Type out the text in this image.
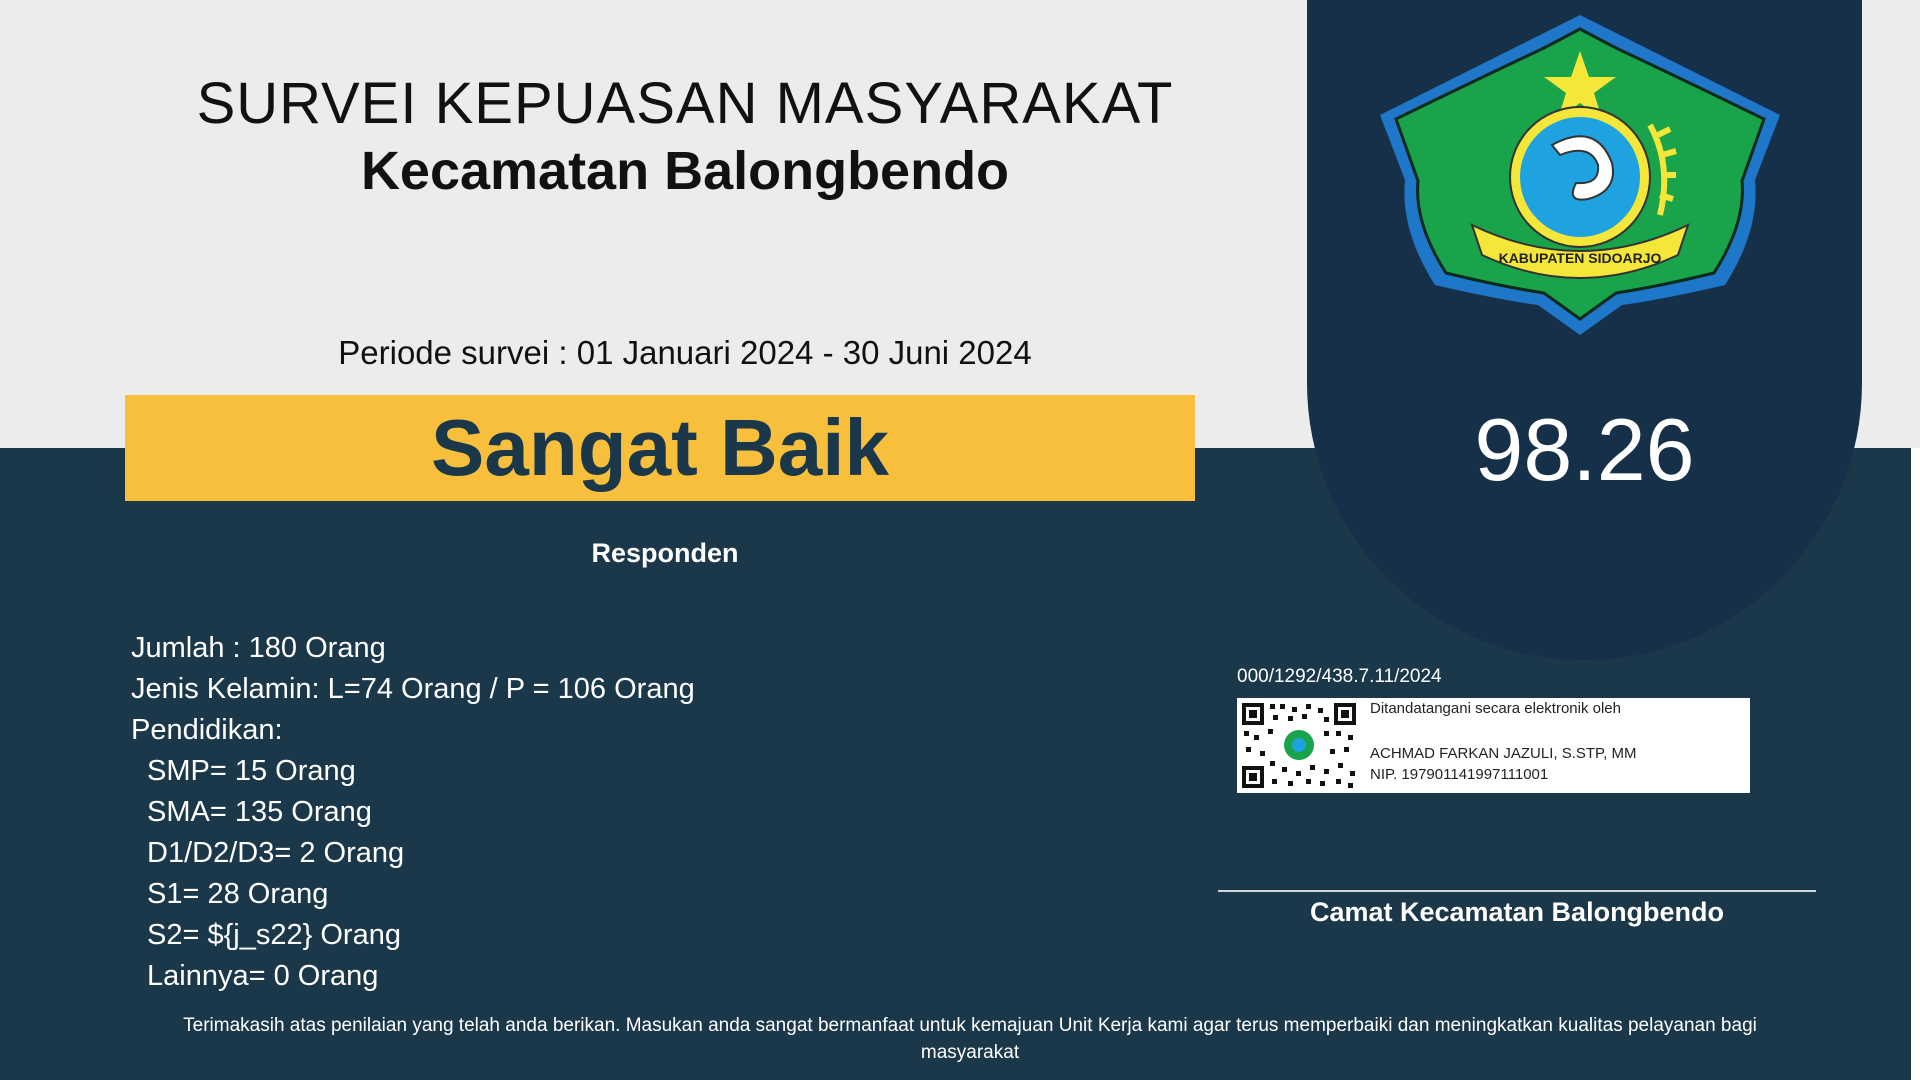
SURVEI KEPUASAN MASYARAKAT
Kecamatan Balongbendo
Periode survei : 01 Januari 2024 - 30 Juni 2024
Sangat Baik
KABUPATEN SIDOARJO
98.26
Responden
Jumlah : 180 Orang
Jenis Kelamin: L=74 Orang / P = 106 Orang
Pendidikan:
SMP= 15 Orang
SMA= 135 Orang
D1/D2/D3= 2 Orang
S1= 28 Orang
S2= ${j_s22} Orang
Lainnya= 0 Orang
000/1292/438.7.11/2024
Ditandatangani secara elektronik oleh
ACHMAD FARKAN JAZULI, S.STP, MM
NIP. 197901141997111001
Camat Kecamatan Balongbendo
Terimakasih atas penilaian yang telah anda berikan. Masukan anda sangat bermanfaat untuk kemajuan Unit Kerja kami agar terus memperbaiki dan meningkatkan kualitas pelayanan bagi
masyarakat
